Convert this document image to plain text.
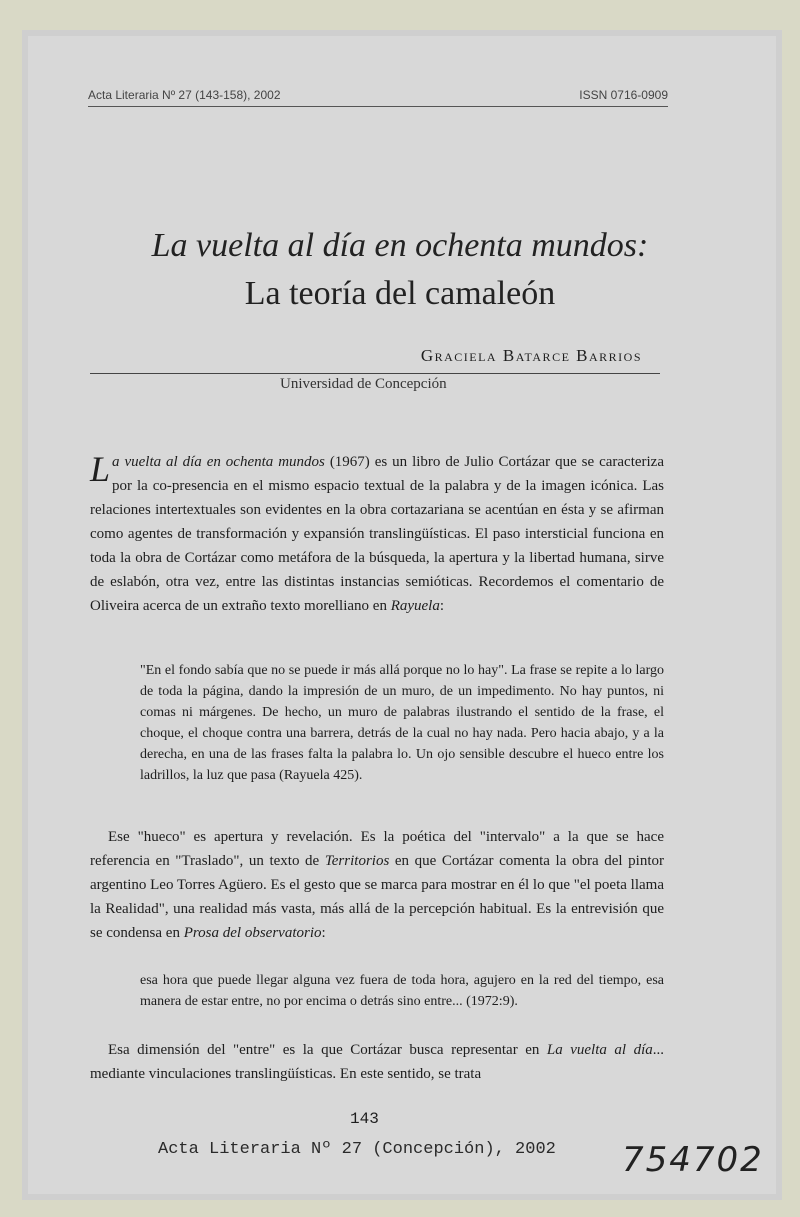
Acta Literaria Nº 27 (143-158), 2002	ISSN 0716-0909
La vuelta al día en ochenta mundos:
La teoría del camaleón
Graciela Batarce Barrios
Universidad de Concepción
La vuelta al día en ochenta mundos (1967) es un libro de Julio Cortázar que se caracteriza por la co-presencia en el mismo espacio textual de la palabra y de la imagen icónica. Las relaciones intertextuales son evidentes en la obra cortazariana se acentúan en ésta y se afirman como agentes de transformación y expansión translingüísticas. El paso intersticial funciona en toda la obra de Cortázar como metáfora de la búsqueda, la apertura y la libertad humana, sirve de eslabón, otra vez, entre las distintas instancias semióticas. Recordemos el comentario de Oliveira acerca de un extraño texto morelliano en Rayuela:
"En el fondo sabía que no se puede ir más allá porque no lo hay". La frase se repite a lo largo de toda la página, dando la impresión de un muro, de un impedimento. No hay puntos, ni comas ni márgenes. De hecho, un muro de palabras ilustrando el sentido de la frase, el choque, el choque contra una barrera, detrás de la cual no hay nada. Pero hacia abajo, y a la derecha, en una de las frases falta la palabra lo. Un ojo sensible descubre el hueco entre los ladrillos, la luz que pasa (Rayuela 425).
Ese "hueco" es apertura y revelación. Es la poética del "intervalo" a la que se hace referencia en "Traslado", un texto de Territorios en que Cortázar comenta la obra del pintor argentino Leo Torres Agüero. Es el gesto que se marca para mostrar en él lo que "el poeta llama la Realidad", una realidad más vasta, más allá de la percepción habitual. Es la entrevisión que se condensa en Prosa del observatorio:
esa hora que puede llegar alguna vez fuera de toda hora, agujero en la red del tiempo, esa manera de estar entre, no por encima o detrás sino entre... (1972:9).
Esa dimensión del "entre" es la que Cortázar busca representar en La vuelta al día... mediante vinculaciones translingüísticas. En este sentido, se trata
143
Acta Literaria Nº 27 (Concepción), 2002 754702
